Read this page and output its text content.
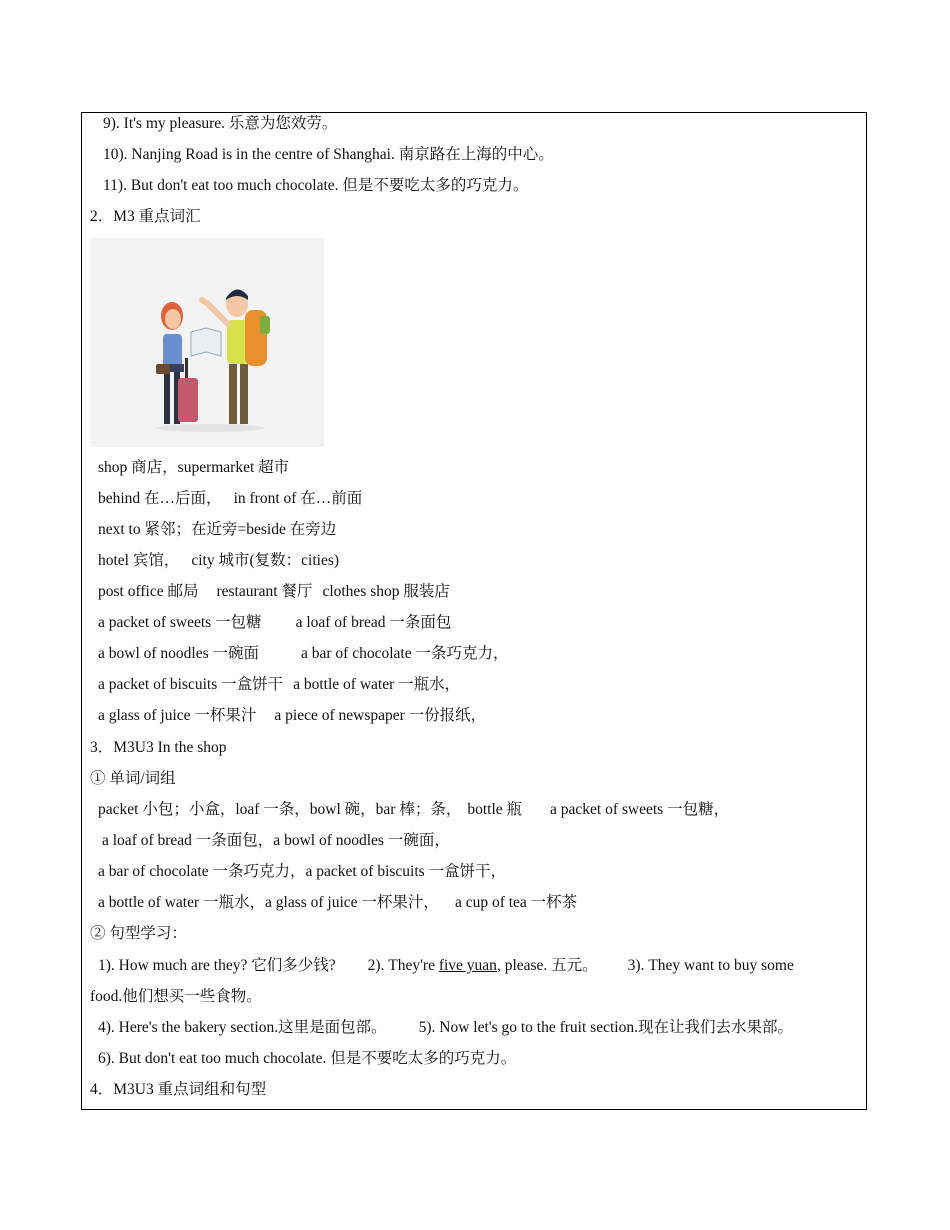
9). It's my pleasure. 乐意为您效劳。
10). Nanjing Road is in the centre of Shanghai. 南京路在上海的中心。
11). But don't eat too much chocolate. 但是不要吃太多的巧克力。
2．M3 重点词汇
shop 商店，supermarket 超市
behind 在…后面， in front of 在…前面
next to 紧邻；在近旁=beside 在旁边
hotel 宾馆， city 城市(复数：cities)
post office 邮局 restaurant 餐厅 clothes shop 服装店
a packet of sweets 一包糖 a loaf of bread 一条面包
a bowl of noodles 一碗面	a bar of chocolate 一条巧克力，
a packet of biscuits 一盒饼干 a bottle of water 一瓶水，
a glass of juice 一杯果汁 a piece of newspaper 一份报纸，
3．M3U3 In the shop
① 单词/词组
packet 小包；小盒，loaf 一条，bowl 碗，bar 棒；条， bottle 瓶 a packet of sweets 一包糖，
a loaf of bread 一条面包，a bowl of noodles 一碗面，
a bar of chocolate 一条巧克力，a packet of biscuits 一盒饼干，
a bottle of water 一瓶水，a glass of juice 一杯果汁， a cup of tea 一杯茶
② 句型学习：
1). How much are they? 它们多少钱? 2). They're five yuan, please. 五元。 3). They want to buy some
food.他们想买一些食物。
4). Here's the bakery section.这里是面包部。 5). Now let's go to the fruit section.现在让我们去水果部。
6). But don't eat too much chocolate. 但是不要吃太多的巧克力。
4．M3U3 重点词组和句型
